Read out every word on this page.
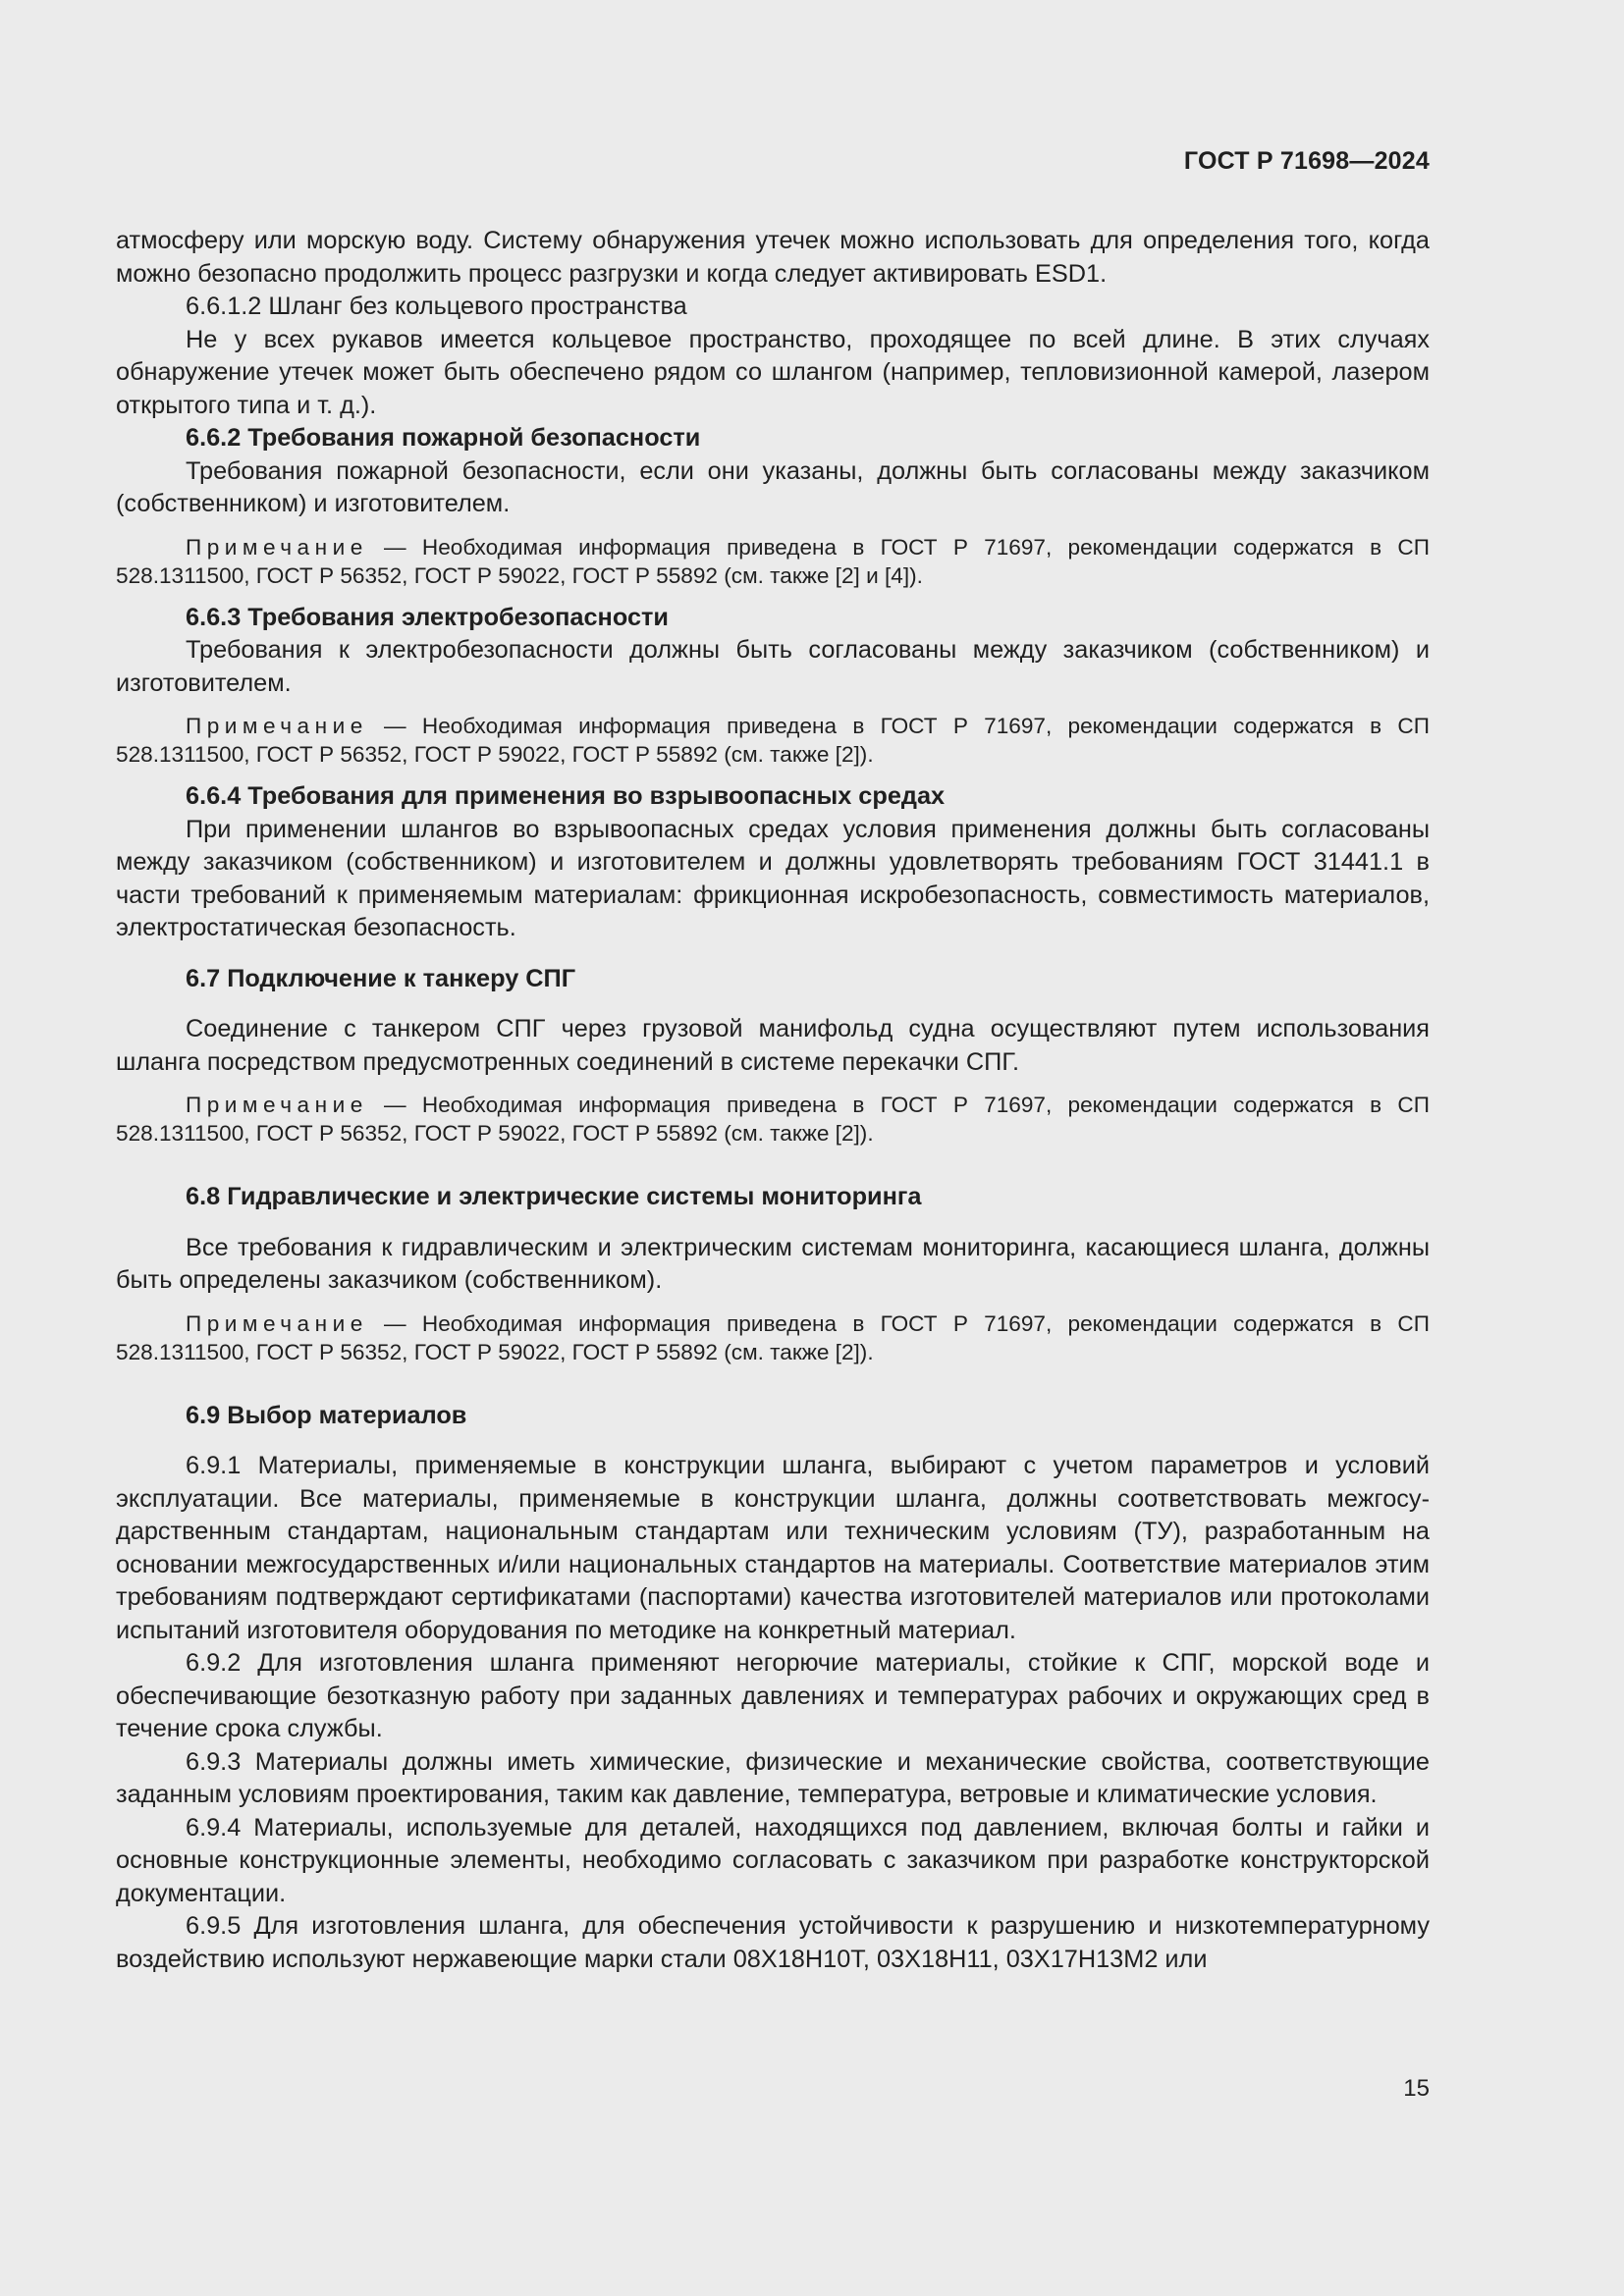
ГОСТ Р 71698—2024

атмосферу или морскую воду. Систему обнаружения утечек можно использовать для определения того, когда можно безопасно продолжить процесс разгрузки и когда следует активировать ESD1.

6.6.1.2 Шланг без кольцевого пространства

Не у всех рукавов имеется кольцевое пространство, проходящее по всей длине. В этих случаях обнаружение утечек может быть обеспечено рядом со шлангом (например, тепловизионной камерой, лазером открытого типа и т. д.).

6.6.2 Требования пожарной безопасности

Требования пожарной безопасности, если они указаны, должны быть согласованы между заказчиком (собственником) и изготовителем.

Примечание — Необходимая информация приведена в ГОСТ Р 71697, рекомендации содержатся в СП 528.1311500, ГОСТ Р 56352, ГОСТ Р 59022, ГОСТ Р 55892 (см. также [2] и [4]).

6.6.3 Требования электробезопасности

Требования к электробезопасности должны быть согласованы между заказчиком (собственником) и изготовителем.

Примечание — Необходимая информация приведена в ГОСТ Р 71697, рекомендации содержатся в СП 528.1311500, ГОСТ Р 56352, ГОСТ Р 59022, ГОСТ Р 55892 (см. также [2]).

6.6.4 Требования для применения во взрывоопасных средах

При применении шлангов во взрывоопасных средах условия применения должны быть согласованы между заказчиком (собственником) и изготовителем и должны удовлетворять требованиям ГОСТ 31441.1 в части требований к применяемым материалам: фрикционная искробезопасность, совместимость материалов, электростатическая безопасность.

6.7 Подключение к танкеру СПГ

Соединение с танкером СПГ через грузовой манифольд судна осуществляют путем использования шланга посредством предусмотренных соединений в системе перекачки СПГ.

Примечание — Необходимая информация приведена в ГОСТ Р 71697, рекомендации содержатся в СП 528.1311500, ГОСТ Р 56352, ГОСТ Р 59022, ГОСТ Р 55892 (см. также [2]).

6.8 Гидравлические и электрические системы мониторинга

Все требования к гидравлическим и электрическим системам мониторинга, касающиеся шланга, должны быть определены заказчиком (собственником).

Примечание — Необходимая информация приведена в ГОСТ Р 71697, рекомендации содержатся в СП 528.1311500, ГОСТ Р 56352, ГОСТ Р 59022, ГОСТ Р 55892 (см. также [2]).

6.9 Выбор материалов

6.9.1 Материалы, применяемые в конструкции шланга, выбирают с учетом параметров и условий эксплуатации. Все материалы, применяемые в конструкции шланга, должны соответствовать межгосударственным стандартам, национальным стандартам или техническим условиям (ТУ), разработанным на основании межгосударственных и/или национальных стандартов на материалы. Соответствие материалов этим требованиям подтверждают сертификатами (паспортами) качества изготовителей материалов или протоколами испытаний изготовителя оборудования по методике на конкретный материал.

6.9.2 Для изготовления шланга применяют негорючие материалы, стойкие к СПГ, морской воде и обеспечивающие безотказную работу при заданных давлениях и температурах рабочих и окружающих сред в течение срока службы.

6.9.3 Материалы должны иметь химические, физические и механические свойства, соответствующие заданным условиям проектирования, таким как давление, температура, ветровые и климатические условия.

6.9.4 Материалы, используемые для деталей, находящихся под давлением, включая болты и гайки и основные конструкционные элементы, необходимо согласовать с заказчиком при разработке конструкторской документации.

6.9.5 Для изготовления шланга, для обеспечения устойчивости к разрушению и низкотемпературному воздействию используют нержавеющие марки стали 08Х18Н10Т, 03Х18Н11, 03Х17Н13М2 или

15
